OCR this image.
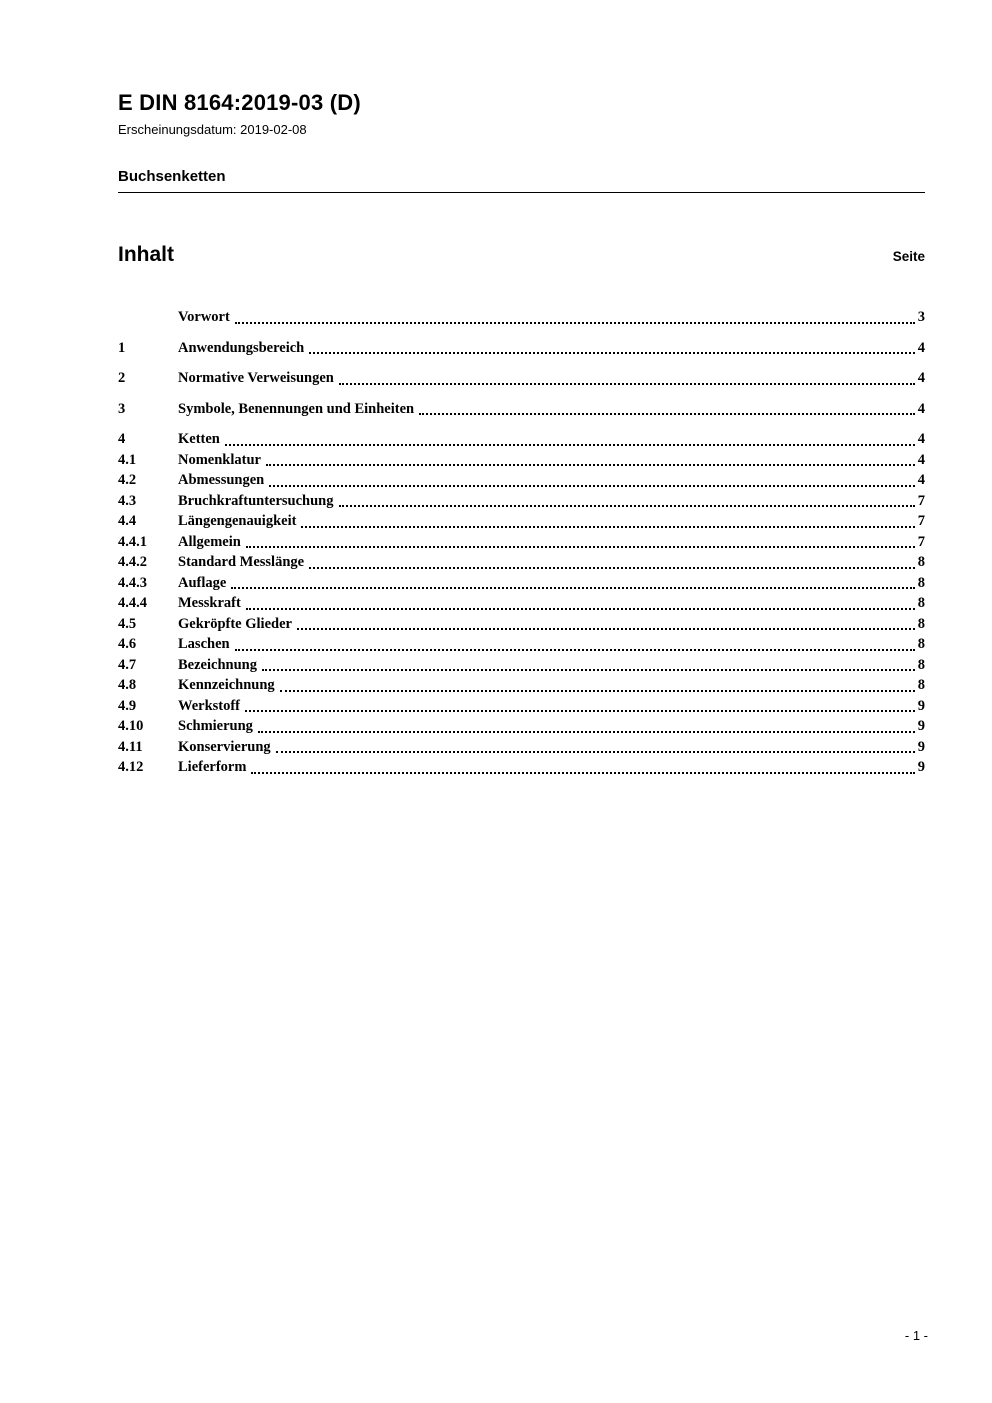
E DIN 8164:2019-03 (D)
Erscheinungsdatum: 2019-02-08
Buchsenketten
Inhalt	Seite
Vorwort	3
1	Anwendungsbereich	4
2	Normative Verweisungen	4
3	Symbole, Benennungen und Einheiten	4
4	Ketten	4
4.1	Nomenklatur	4
4.2	Abmessungen	4
4.3	Bruchkraftuntersuchung	7
4.4	Längengenauigkeit	7
4.4.1	Allgemein	7
4.4.2	Standard Messlänge	8
4.4.3	Auflage	8
4.4.4	Messkraft	8
4.5	Gekröpfte Glieder	8
4.6	Laschen	8
4.7	Bezeichnung	8
4.8	Kennzeichnung	8
4.9	Werkstoff	9
4.10	Schmierung	9
4.11	Konservierung	9
4.12	Lieferform	9
- 1 -
